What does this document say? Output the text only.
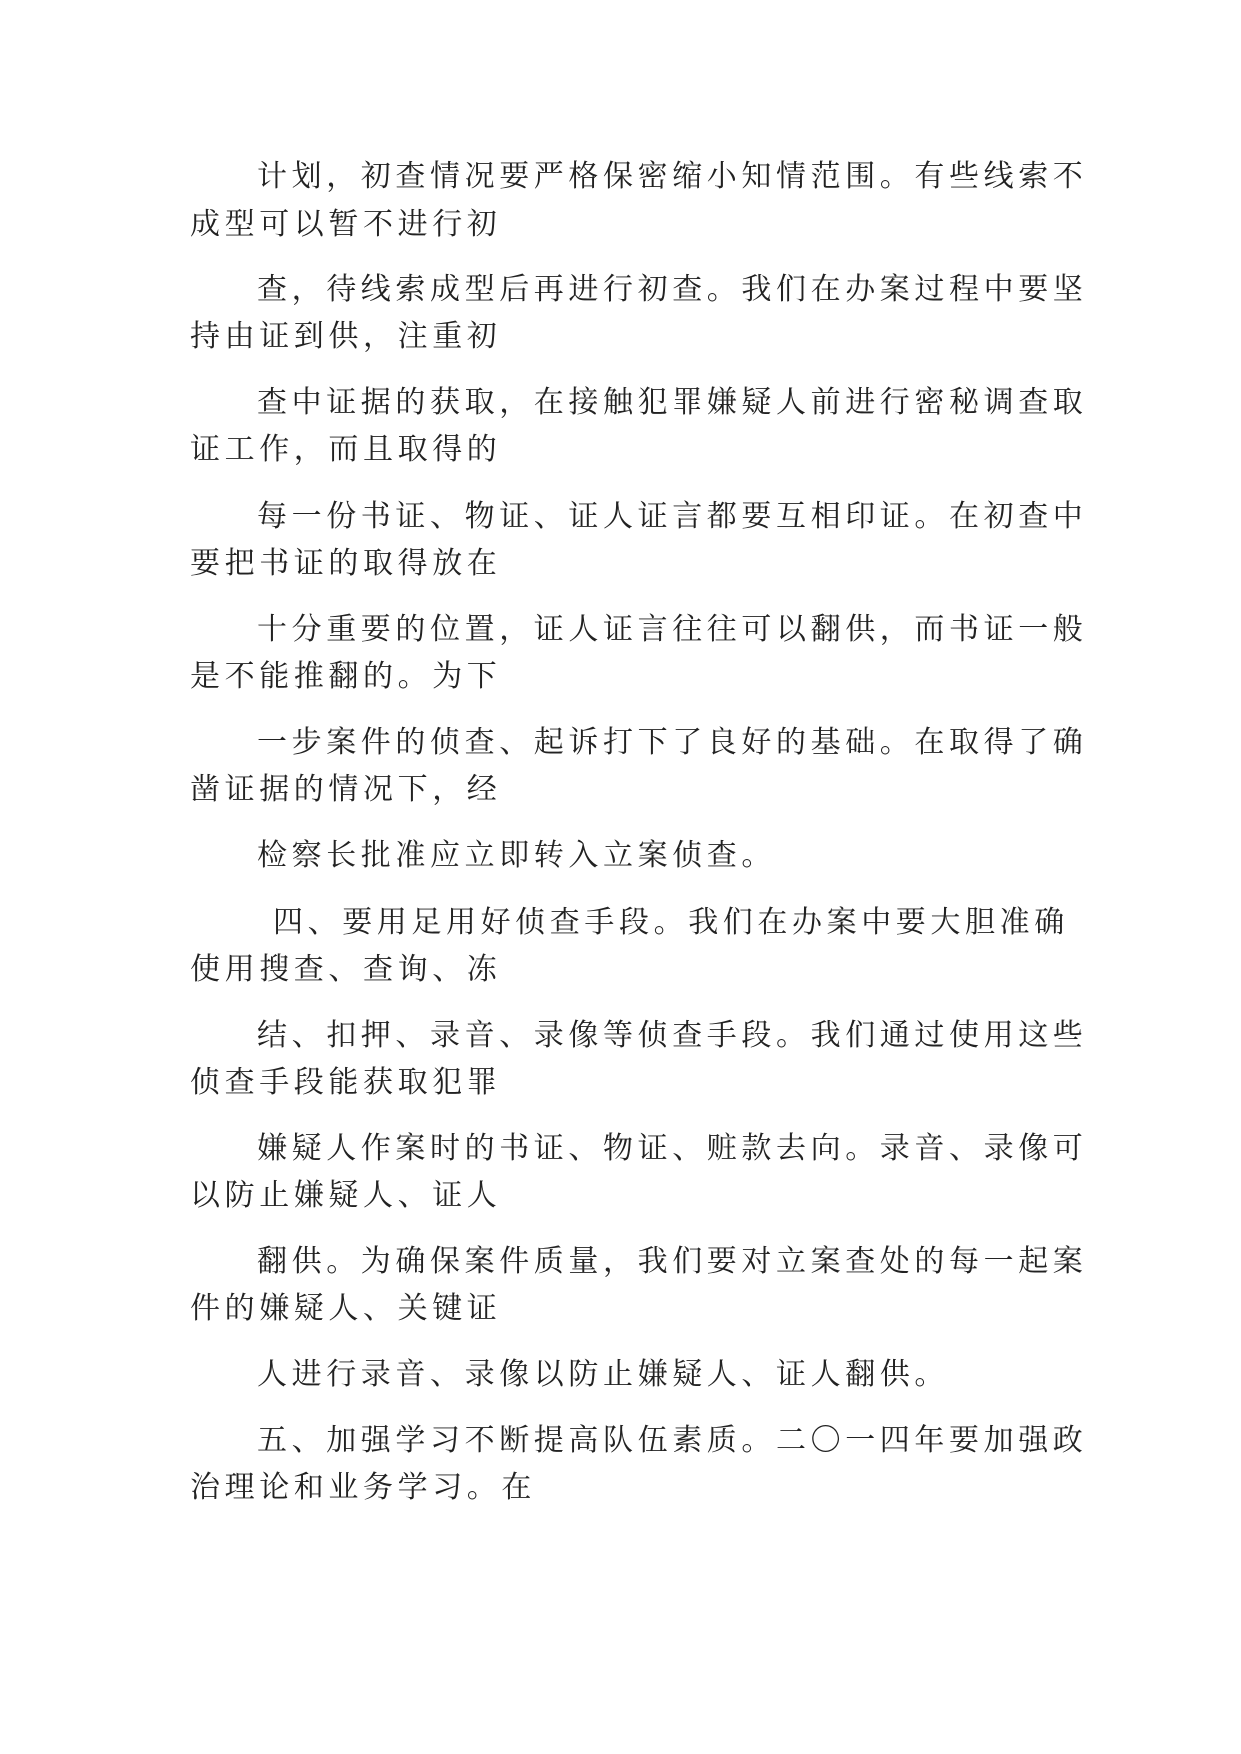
计划，初查情况要严格保密缩小知情范围。有些线索不
成型可以暂不进行初
查，待线索成型后再进行初查。我们在办案过程中要坚
持由证到供，注重初
查中证据的获取，在接触犯罪嫌疑人前进行密秘调查取
证工作，而且取得的
每一份书证、物证、证人证言都要互相印证。在初查中
要把书证的取得放在
十分重要的位置，证人证言往往可以翻供，而书证一般
是不能推翻的。为下
一步案件的侦查、起诉打下了良好的基础。在取得了确
凿证据的情况下，经
检察长批准应立即转入立案侦查。
四、要用足用好侦查手段。我们在办案中要大胆准确
使用搜查、查询、冻
结、扣押、录音、录像等侦查手段。我们通过使用这些
侦查手段能获取犯罪
嫌疑人作案时的书证、物证、赃款去向。录音、录像可
以防止嫌疑人、证人
翻供。为确保案件质量，我们要对立案查处的每一起案
件的嫌疑人、关键证
人进行录音、录像以防止嫌疑人、证人翻供。
五、加强学习不断提高队伍素质。二〇一四年要加强政
治理论和业务学习。在
